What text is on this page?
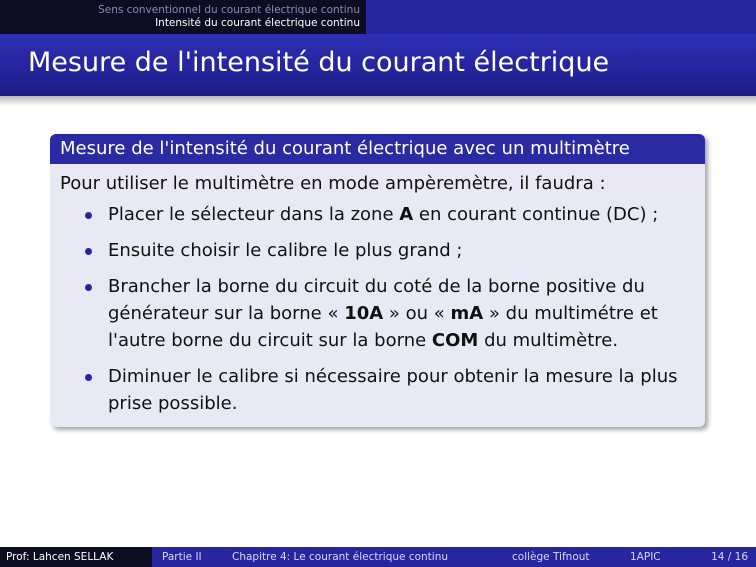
Sens conventionnel du courant électrique continu
Intensité du courant électrique continu
Mesure de l'intensité du courant électrique
Mesure de l'intensité du courant électrique avec un multimètre
Pour utiliser le multimètre en mode ampèremètre, il faudra :
Placer le sélecteur dans la zone A en courant continue (DC) ;
Ensuite choisir le calibre le plus grand ;
Brancher la borne du circuit du coté de la borne positive du générateur sur la borne « 10A » ou « mA » du multimétre et l'autre borne du circuit sur la borne COM du multimètre.
Diminuer le calibre si nécessaire pour obtenir la mesure la plus prise possible.
Prof: Lahcen SELLAK	Partie II	Chapitre 4: Le courant électrique continu	collège Tifnout	1APIC	14 / 16
